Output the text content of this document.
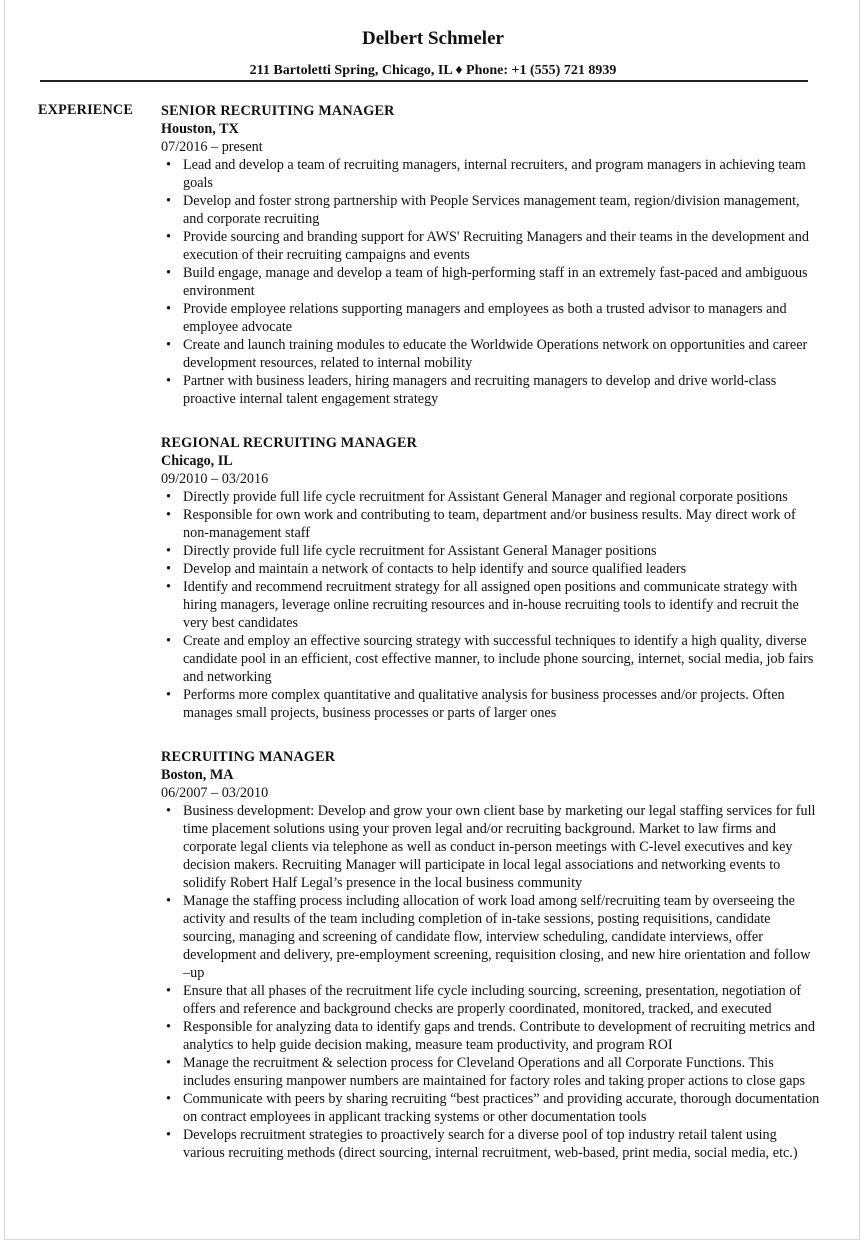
Delbert Schmeler
211 Bartoletti Spring, Chicago, IL ♦ Phone: +1 (555) 721 8939
EXPERIENCE SENIOR RECRUITING MANAGER
Houston, TX
07/2016 – present
• Lead and develop a team of recruiting managers, internal recruiters, and program managers in achieving team goals
• Develop and foster strong partnership with People Services management team, region/division management, and corporate recruiting
• Provide sourcing and branding support for AWS' Recruiting Managers and their teams in the development and execution of their recruiting campaigns and events
• Build engage, manage and develop a team of high-performing staff in an extremely fast-paced and ambiguous environment
• Provide employee relations supporting managers and employees as both a trusted advisor to managers and employee advocate
• Create and launch training modules to educate the Worldwide Operations network on opportunities and career development resources, related to internal mobility
• Partner with business leaders, hiring managers and recruiting managers to develop and drive world-class proactive internal talent engagement strategy
REGIONAL RECRUITING MANAGER
Chicago, IL
09/2010 – 03/2016
• Directly provide full life cycle recruitment for Assistant General Manager and regional corporate positions
• Responsible for own work and contributing to team, department and/or business results. May direct work of non-management staff
• Directly provide full life cycle recruitment for Assistant General Manager positions
• Develop and maintain a network of contacts to help identify and source qualified leaders
• Identify and recommend recruitment strategy for all assigned open positions and communicate strategy with hiring managers, leverage online recruiting resources and in-house recruiting tools to identify and recruit the very best candidates
• Create and employ an effective sourcing strategy with successful techniques to identify a high quality, diverse candidate pool in an efficient, cost effective manner, to include phone sourcing, internet, social media, job fairs and networking
• Performs more complex quantitative and qualitative analysis for business processes and/or projects. Often manages small projects, business processes or parts of larger ones
RECRUITING MANAGER
Boston, MA
06/2007 – 03/2010
• Business development: Develop and grow your own client base by marketing our legal staffing services for full time placement solutions using your proven legal and/or recruiting background. Market to law firms and corporate legal clients via telephone as well as conduct in-person meetings with C-level executives and key decision makers. Recruiting Manager will participate in local legal associations and networking events to solidify Robert Half Legal’s presence in the local business community
• Manage the staffing process including allocation of work load among self/recruiting team by overseeing the activity and results of the team including completion of in-take sessions, posting requisitions, candidate sourcing, managing and screening of candidate flow, interview scheduling, candidate interviews, offer development and delivery, pre-employment screening, requisition closing, and new hire orientation and follow –up
• Ensure that all phases of the recruitment life cycle including sourcing, screening, presentation, negotiation of offers and reference and background checks are properly coordinated, monitored, tracked, and executed
• Responsible for analyzing data to identify gaps and trends. Contribute to development of recruiting metrics and analytics to help guide decision making, measure team productivity, and program ROI
• Manage the recruitment & selection process for Cleveland Operations and all Corporate Functions. This includes ensuring manpower numbers are maintained for factory roles and taking proper actions to close gaps
• Communicate with peers by sharing recruiting “best practices” and providing accurate, thorough documentation on contract employees in applicant tracking systems or other documentation tools
• Develops recruitment strategies to proactively search for a diverse pool of top industry retail talent using various recruiting methods (direct sourcing, internal recruitment, web-based, print media, social media, etc.)
